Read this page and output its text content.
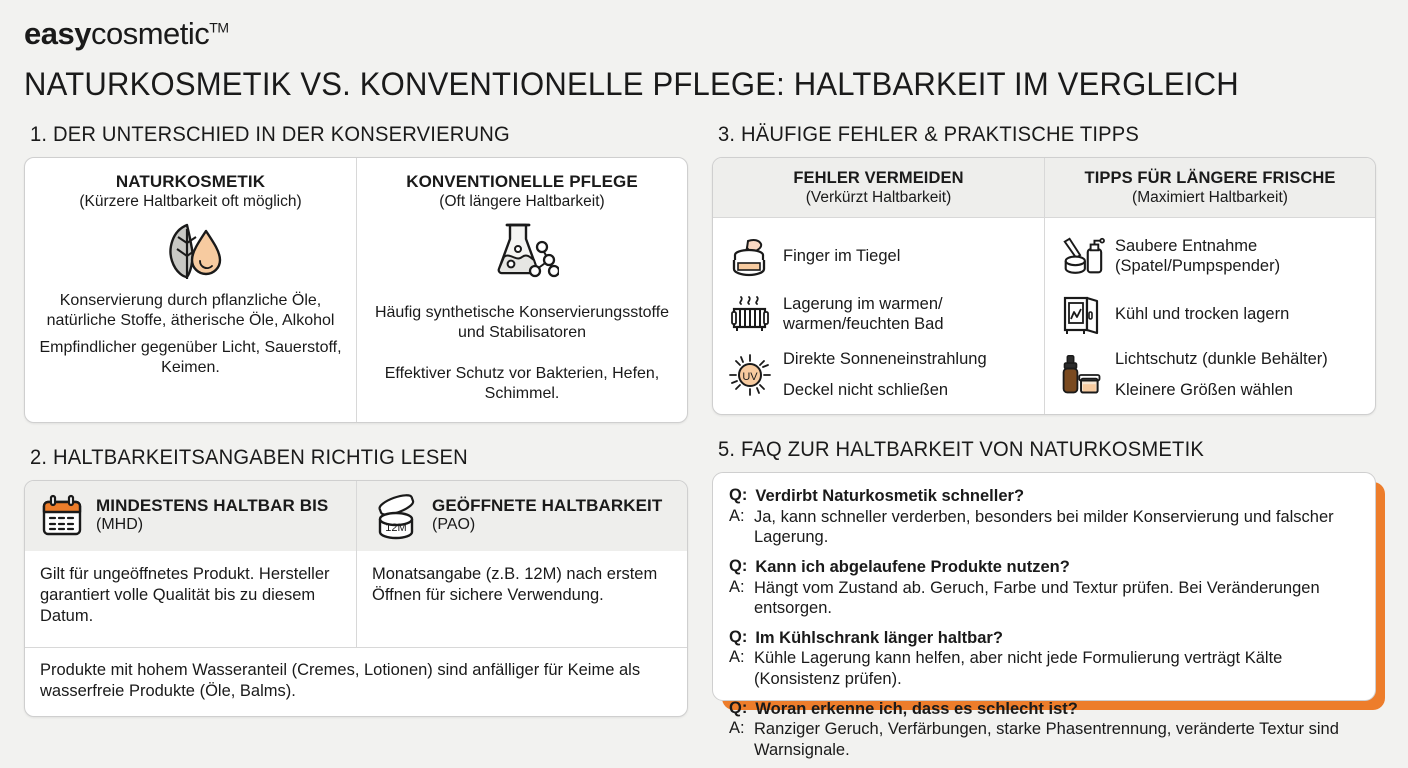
easycosmetic™
NATURKOSMETIK VS. KONVENTIONELLE PFLEGE: HALTBARKEIT IM VERGLEICH
1. DER UNTERSCHIED IN DER KONSERVIERUNG
NATURKOSMETIK
(Kürzere Haltbarkeit oft möglich)
Konservierung durch pflanzliche Öle, natürliche Stoffe, ätherische Öle, Alkohol
Empfindlicher gegenüber Licht, Sauerstoff, Keimen.
KONVENTIONELLE PFLEGE
(Oft längere Haltbarkeit)
Häufig synthetische Konservierungsstoffe und Stabilisatoren
Effektiver Schutz vor Bakterien, Hefen, Schimmel.
2. HALTBARKEITSANGABEN RICHTIG LESEN
MINDESTENS HALTBAR BIS
(MHD)
Gilt für ungeöffnetes Produkt. Hersteller garantiert volle Qualität bis zu diesem Datum.
12M
GEÖFFNETE HALTBARKEIT
(PAO)
Monatsangabe (z.B. 12M) nach erstem Öffnen für sichere Verwendung.
Produkte mit hohem Wasseranteil (Cremes, Lotionen) sind anfälliger für Keime als wasserfreie Produkte (Öle, Balms).
3. HÄUFIGE FEHLER & PRAKTISCHE TIPPS
FEHLER VERMEIDEN
(Verkürzt Haltbarkeit)
TIPPS FÜR LÄNGERE FRISCHE
(Maximiert Haltbarkeit)
Finger im Tiegel
Lagerung im warmen/ warmen/feuchten Bad
UV
Direkte Sonneneinstrahlung
Deckel nicht schließen
Saubere Entnahme (Spatel/Pumpspender)
Kühl und trocken lagern
Lichtschutz (dunkle Behälter)
Kleinere Größen wählen
5. FAQ ZUR HALTBARKEIT VON NATURKOSMETIK
Q: Verdirbt Naturkosmetik schneller?
A: Ja, kann schneller verderben, besonders bei milder Konservierung und falscher Lagerung.
Q: Kann ich abgelaufene Produkte nutzen?
A: Hängt vom Zustand ab. Geruch, Farbe und Textur prüfen. Bei Veränderungen entsorgen.
Q: Im Kühlschrank länger haltbar?
A: Kühle Lagerung kann helfen, aber nicht jede Formulierung verträgt Kälte (Konsistenz prüfen).
Q: Woran erkenne ich, dass es schlecht ist?
A: Ranziger Geruch, Verfärbungen, starke Phasentrennung, veränderte Textur sind Warnsignale.
